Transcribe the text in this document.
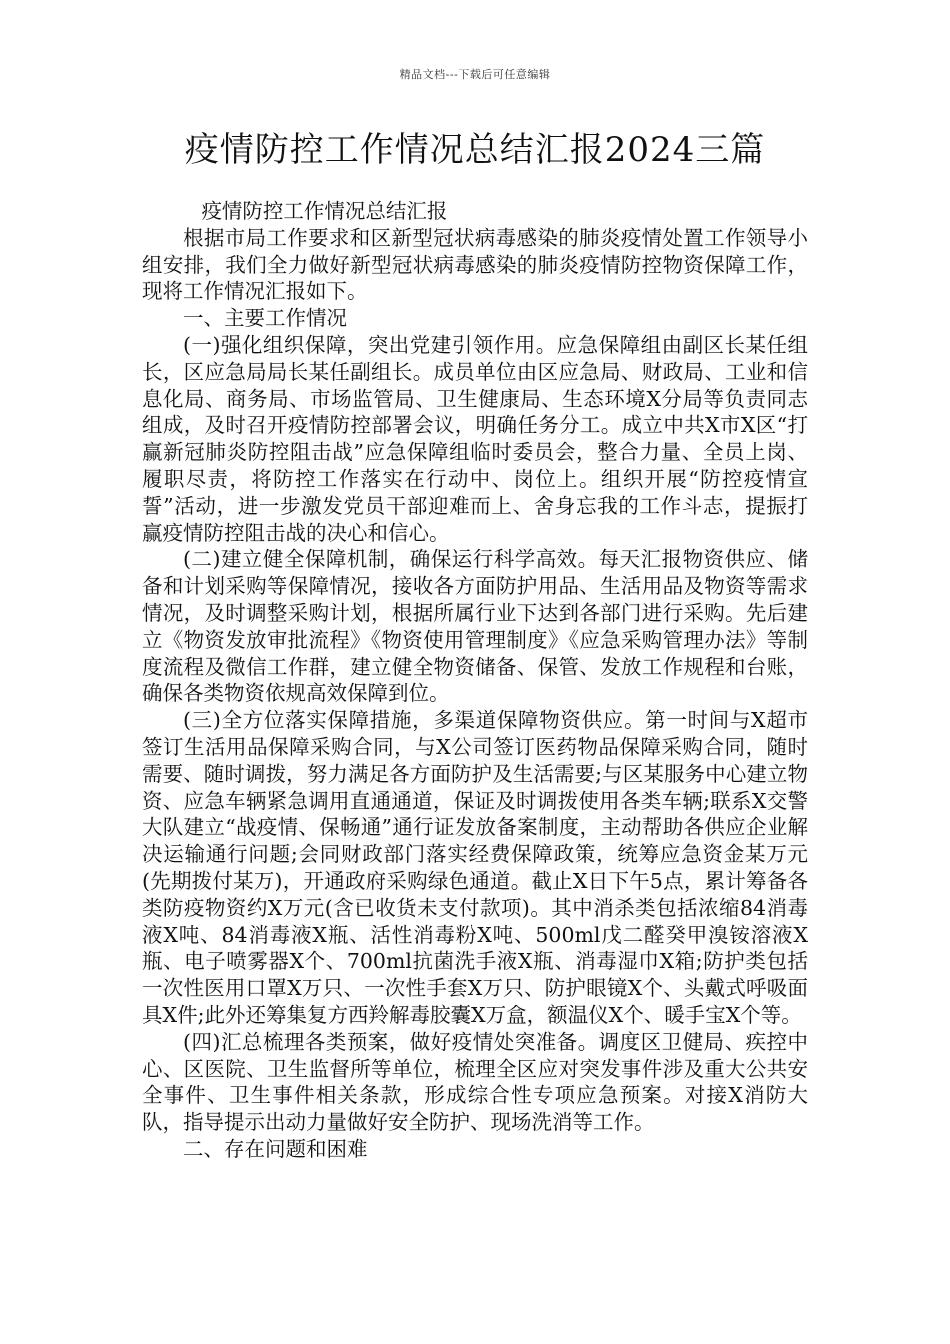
精品文档---下载后可任意编辑
疫情防控工作情况总结汇报2024三篇

疫情防控工作情况总结汇报

根据市局工作要求和区新型冠状病毒感染的肺炎疫情处置工作领导小组安排，我们全力做好新型冠状病毒感染的肺炎疫情防控物资保障工作，现将工作情况汇报如下。

一、主要工作情况

(一)强化组织保障，突出党建引领作用。应急保障组由副区长某任组长，区应急局局长某任副组长。成员单位由区应急局、财政局、工业和信息化局、商务局、市场监管局、卫生健康局、生态环境X分局等负责同志组成，及时召开疫情防控部署会议，明确任务分工。成立中共X市X区“打赢新冠肺炎防控阻击战”应急保障组临时委员会，整合力量、全员上岗、履职尽责，将防控工作落实在行动中、岗位上。组织开展“防控疫情宣誓”活动，进一步激发党员干部迎难而上、舍身忘我的工作斗志，提振打赢疫情防控阻击战的决心和信心。

(二)建立健全保障机制，确保运行科学高效。每天汇报物资供应、储备和计划采购等保障情况，接收各方面防护用品、生活用品及物资等需求情况，及时调整采购计划，根据所属行业下达到各部门进行采购。先后建立《物资发放审批流程》《物资使用管理制度》《应急采购管理办法》等制度流程及微信工作群，建立健全物资储备、保管、发放工作规程和台账，确保各类物资依规高效保障到位。

(三)全方位落实保障措施，多渠道保障物资供应。第一时间与X超市签订生活用品保障采购合同，与X公司签订医药物品保障采购合同，随时需要、随时调拨，努力满足各方面防护及生活需要;与区某服务中心建立物资、应急车辆紧急调用直通通道，保证及时调拨使用各类车辆;联系X交警大队建立“战疫情、保畅通”通行证发放备案制度，主动帮助各供应企业解决运输通行问题;会同财政部门落实经费保障政策，统筹应急资金某万元(先期拨付某万)，开通政府采购绿色通道。截止X日下午5点，累计筹备各类防疫物资约X万元(含已收货未支付款项)。其中消杀类包括浓缩84消毒液X吨、84消毒液X瓶、活性消毒粉X吨、500ml戊二醛癸甲溴铵溶液X瓶、电子喷雾器X个、700ml抗菌洗手液X瓶、消毒湿巾X箱;防护类包括一次性医用口罩X万只、一次性手套X万只、防护眼镜X个、头戴式呼吸面具X件;此外还筹集复方西羚解毒胶囊X万盒，额温仪X个、暖手宝X个等。

(四)汇总梳理各类预案，做好疫情处突准备。调度区卫健局、疾控中心、区医院、卫生监督所等单位，梳理全区应对突发事件涉及重大公共安全事件、卫生事件相关条款，形成综合性专项应急预案。对接X消防大队，指导提示出动力量做好安全防护、现场洗消等工作。

二、存在问题和困难
